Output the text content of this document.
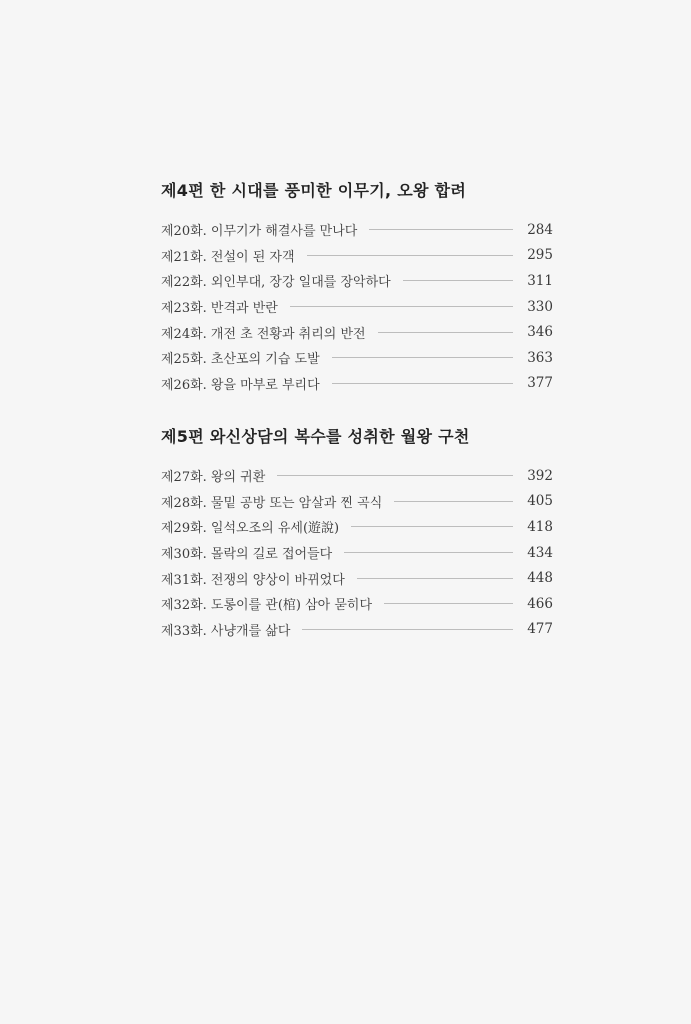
제4편 한 시대를 풍미한 이무기, 오왕 합려
제20화. 이무기가 해결사를 만나다	284
제21화. 전설이 된 자객	295
제22화. 외인부대, 장강 일대를 장악하다	311
제23화. 반격과 반란	330
제24화. 개전 초 전황과 취리의 반전	346
제25화. 초산포의 기습 도발	363
제26화. 왕을 마부로 부리다	377
제5편 와신상담의 복수를 성취한 월왕 구천
제27화. 왕의 귀환	392
제28화. 물밑 공방 또는 암살과 찐 곡식	405
제29화. 일석오조의 유세(遊說)	418
제30화. 몰락의 길로 접어들다	434
제31화. 전쟁의 양상이 바뀌었다	448
제32화. 도롱이를 관(棺) 삼아 묻히다	466
제33화. 사냥개를 삶다	477
